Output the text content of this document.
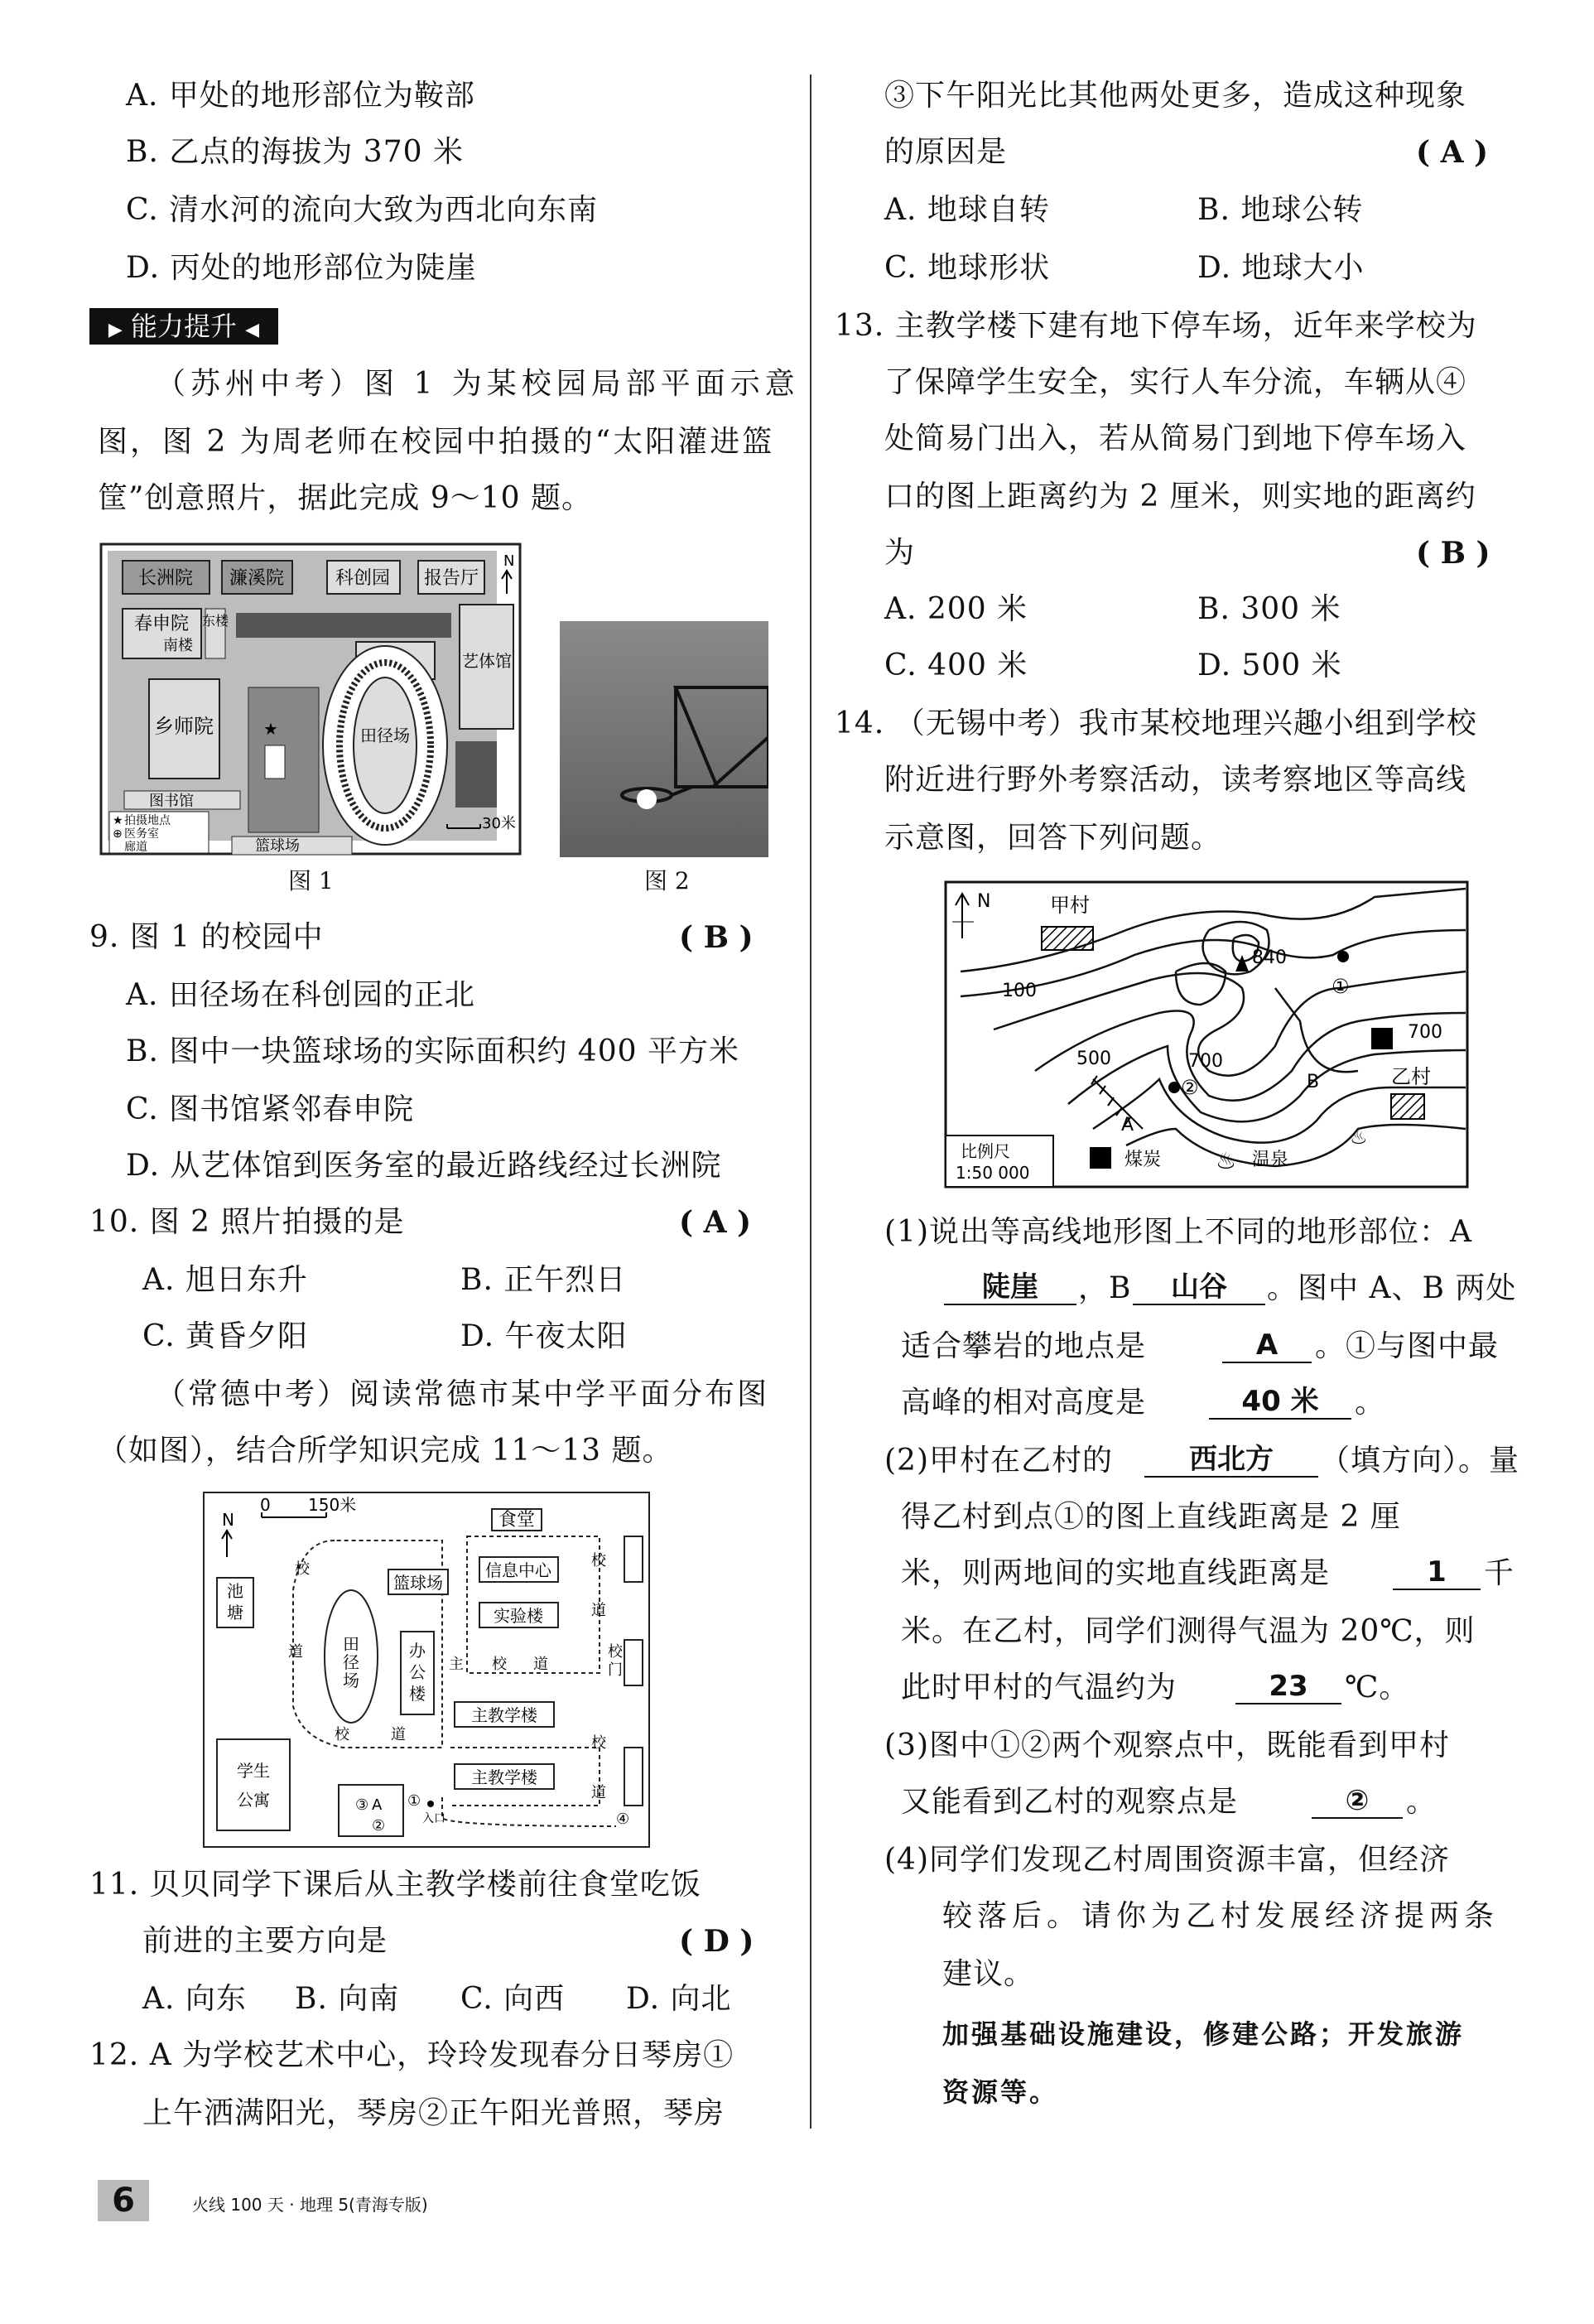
A. 甲处的地形部位为鞍部
B. 乙点的海拔为 370 米
C. 清水河的流向大致为西北向东南
D. 丙处的地形部位为陡崖
▶ 能力提升 ◀
（苏州中考）图 1 为某校园局部平面示意
图，图 2 为周老师在校园中拍摄的“太阳灌进篮
筐”创意照片，据此完成 9～10 题。
长洲院 濂溪院	科创园 报告厅
N
春申院
南楼
东楼
艺体馆
乡师院	田径场
★
图书馆
★ 拍摄地点
⊕ 医务室
廊道	篮球场
30米
图 1	图 2
9. 图 1 的校园中	( B )
A. 田径场在科创园的正北
B. 图中一块篮球场的实际面积约 400 平方米
C. 图书馆紧邻春申院
D. 从艺体馆到医务室的最近路线经过长洲院
10. 图 2 照片拍摄的是	( A )
A. 旭日东升	B. 正午烈日
C. 黄昏夕阳	D. 午夜太阳
（常德中考）阅读常德市某中学平面分布图
（如图），结合所学知识完成 11～13 题。
N
0 150米
食堂
池
塘
田
径
场
篮球场
信息中心
实验楼
办
公
楼
主教学楼
主教学楼
学生
公寓	③ A
②
①
入口	④
校
门
校
道
校	道
主 校 道
校
道
校
道
11. 贝贝同学下课后从主教学楼前往食堂吃饭
前进的主要方向是	( D )
A. 向东 B. 向南 C. 向西 D. 向北
12. A 为学校艺术中心，玲玲发现春分日琴房①
上午洒满阳光，琴房②正午阳光普照，琴房
③下午阳光比其他两处更多，造成这种现象
的原因是	( A )
A. 地球自转	B. 地球公转
C. 地球形状	D. 地球大小
13. 主教学楼下建有地下停车场，近年来学校为
了保障学生安全，实行人车分流，车辆从④
处简易门出入，若从简易门到地下停车场入
口的图上距离约为 2 厘米，则实地的距离约
为	( B )
A. 200 米	B. 300 米
C. 400 米	D. 500 米
14. （无锡中考）我市某校地理兴趣小组到学校
附近进行野外考察活动，读考察地区等高线
示意图，回答下列问题。
N	甲村
100
500	700
700
840
①
②
A
B	乙村
♨
比例尺
1:50 000
煤炭 ♨ 温泉
(1)说出等高线地形图上不同的地形部位：A
陡崖	，B	山谷	。图中 A、B 两处
适合攀岩的地点是	A	。①与图中最
高峰的相对高度是	40 米	。
(2)甲村在乙村的	西北方	（填方向）。量
得乙村到点①的图上直线距离是 2 厘
米，则两地间的实地直线距离是	1	千
米。在乙村，同学们测得气温为 20℃，则
此时甲村的气温约为	23	℃。
(3)图中①②两个观察点中，既能看到甲村
又能看到乙村的观察点是	②	。
(4)同学们发现乙村周围资源丰富，但经济
较落后。请你为乙村发展经济提两条
建议。
加强基础设施建设，修建公路；开发旅游
资源等。
6	火线 100 天 · 地理 5(青海专版)
